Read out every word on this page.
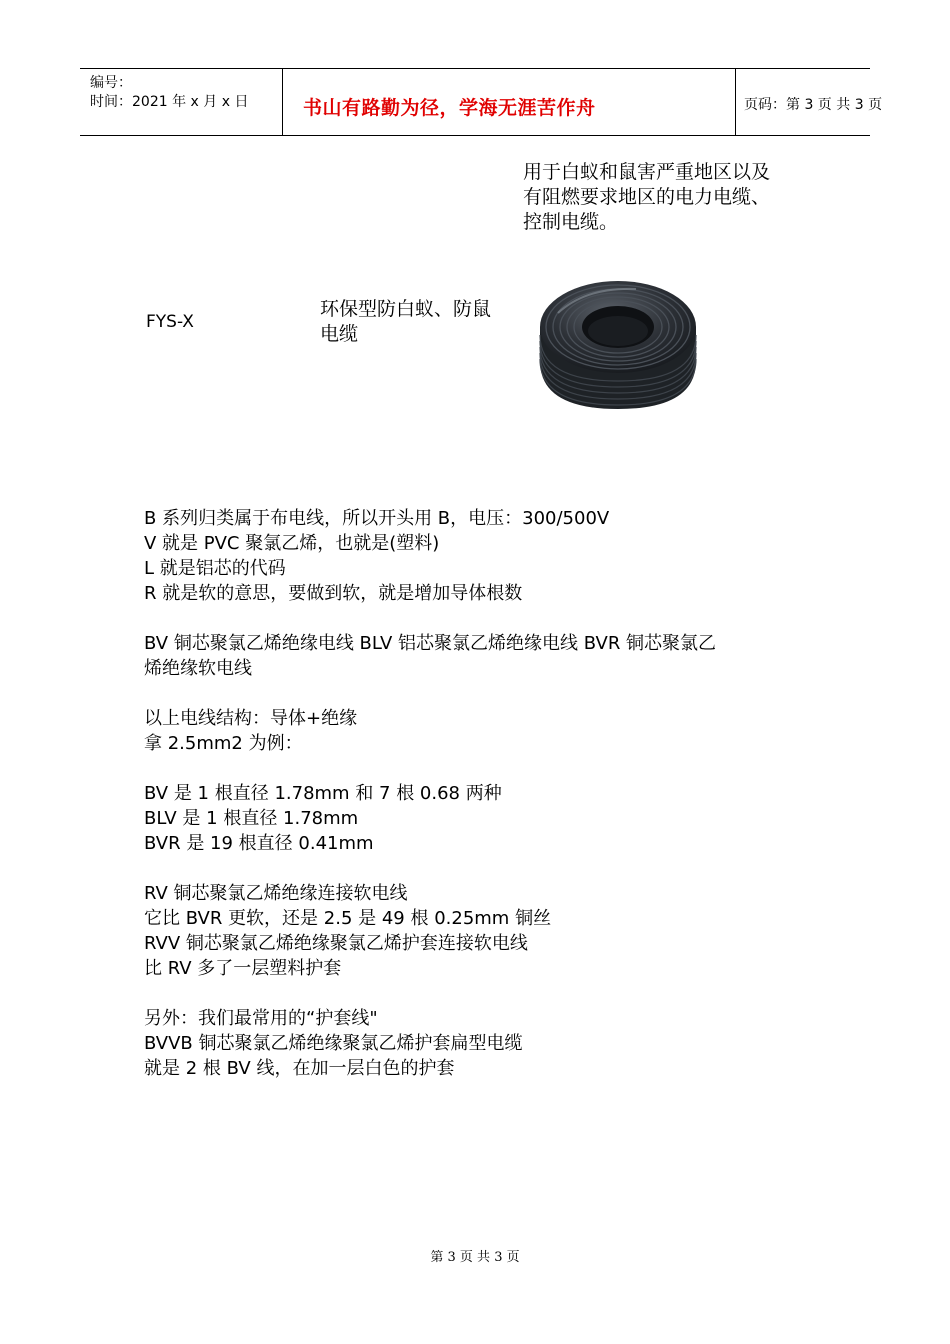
编号：
时间：2021 年 x 月 x 日	书山有路勤为径，学海无涯苦作舟	页码：第 3 页 共 3 页
用于白蚁和鼠害严重地区以及
有阻燃要求地区的电力电缆、
控制电缆。
FYS-X
环保型防白蚁、防鼠
电缆
B 系列归类属于布电线，所以开头用 B，电压：300/500V
V 就是 PVC 聚氯乙烯，也就是(塑料)
L 就是铝芯的代码
R 就是软的意思，要做到软，就是增加导体根数
BV 铜芯聚氯乙烯绝缘电线 BLV 铝芯聚氯乙烯绝缘电线 BVR 铜芯聚氯乙
烯绝缘软电线
以上电线结构：导体+绝缘
拿 2.5mm2 为例：
BV 是 1 根直径 1.78mm 和 7 根 0.68 两种
BLV 是 1 根直径 1.78mm
BVR 是 19 根直径 0.41mm
RV 铜芯聚氯乙烯绝缘连接软电线
它比 BVR 更软，还是 2.5 是 49 根 0.25mm 铜丝
RVV 铜芯聚氯乙烯绝缘聚氯乙烯护套连接软电线
比 RV 多了一层塑料护套
另外：我们最常用的“护套线"
BVVB 铜芯聚氯乙烯绝缘聚氯乙烯护套扁型电缆
就是 2 根 BV 线，在加一层白色的护套
第 3 页 共 3 页
